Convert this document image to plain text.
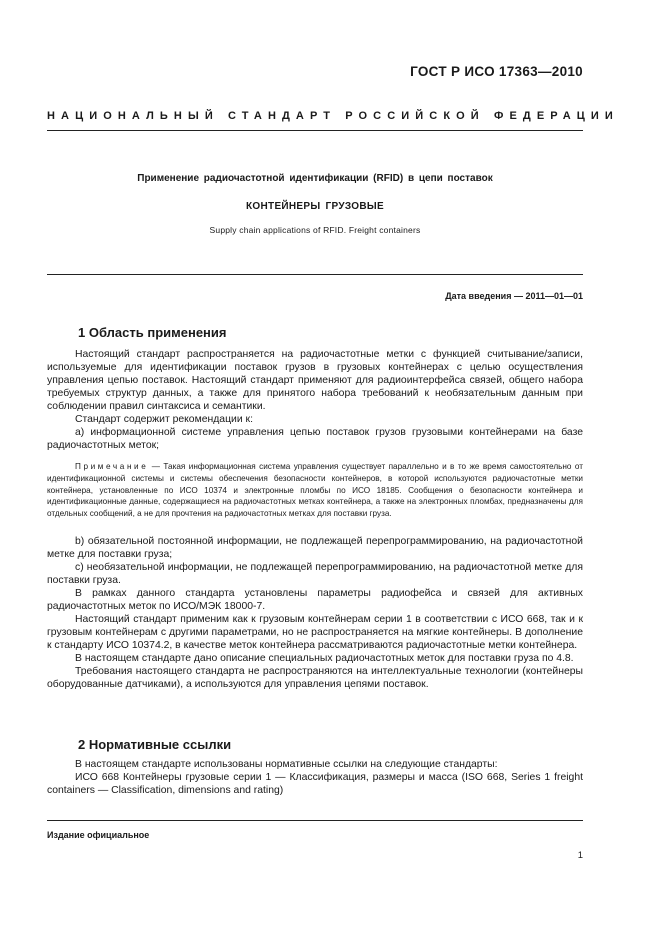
ГОСТ Р ИСО 17363—2010
НАЦИОНАЛЬНЫЙ СТАНДАРТ РОССИЙСКОЙ ФЕДЕРАЦИИ
Применение радиочастотной идентификации (RFID) в цепи поставок
КОНТЕЙНЕРЫ ГРУЗОВЫЕ
Supply chain applications of RFID. Freight containers
Дата введения — 2011—01—01
1 Область применения

Настоящий стандарт распространяется на радиочастотные метки с функцией считывание/записи, используемые для идентификации поставок грузов в грузовых контейнерах с целью осуществления управления цепью поставок. Настоящий стандарт применяют для радиоинтерфейса связей, общего набора требуемых структур данных, а также для принятого набора требований к необязательным данным при соблюдении правил синтаксиса и семантики.

Стандарт содержит рекомендации к:

а) информационной системе управления цепью поставок грузов грузовыми контейнерами на базе радиочастотных меток;

Примечание — Такая информационная система управления существует параллельно и в то же время самостоятельно от идентификационной системы и системы обеспечения безопасности контейнеров, в которой используются радиочастотные метки контейнера, установленные по ИСО 10374 и электронные пломбы по ИСО 18185. Сообщения о безопасности контейнера и идентификационные данные, содержащиеся на радиочастотных метках контейнера, а также на электронных пломбах, предназначены для отдельных сообщений, а не для прочтения на радиочастотных метках для поставки груза.

b) обязательной постоянной информации, не подлежащей перепрограммированию, на радиочастотной метке для поставки груза;

c) необязательной информации, не подлежащей перепрограммированию, на радиочастотной метке для поставки груза.

В рамках данного стандарта установлены параметры радиофейса и связей для активных радиочастотных меток по ИСО/МЭК 18000-7.

Настоящий стандарт применим как к грузовым контейнерам серии 1 в соответствии с ИСО 668, так и к грузовым контейнерам с другими параметрами, но не распространяется на мягкие контейнеры. В дополнение к стандарту ИСО 10374.2, в качестве меток контейнера рассматриваются радиочастотные метки контейнера.

В настоящем стандарте дано описание специальных радиочастотных меток для поставки груза по 4.8.

Требования настоящего стандарта не распространяются на интеллектуальные технологии (контейнеры оборудованные датчиками), а используются для управления цепями поставок.

2 Нормативные ссылки

В настоящем стандарте использованы нормативные ссылки на следующие стандарты:

ИСО 668 Контейнеры грузовые серии 1 — Классификация, размеры и масса (ISO 668, Series 1 freight containers — Classification, dimensions and rating)

Издание официальное
1
